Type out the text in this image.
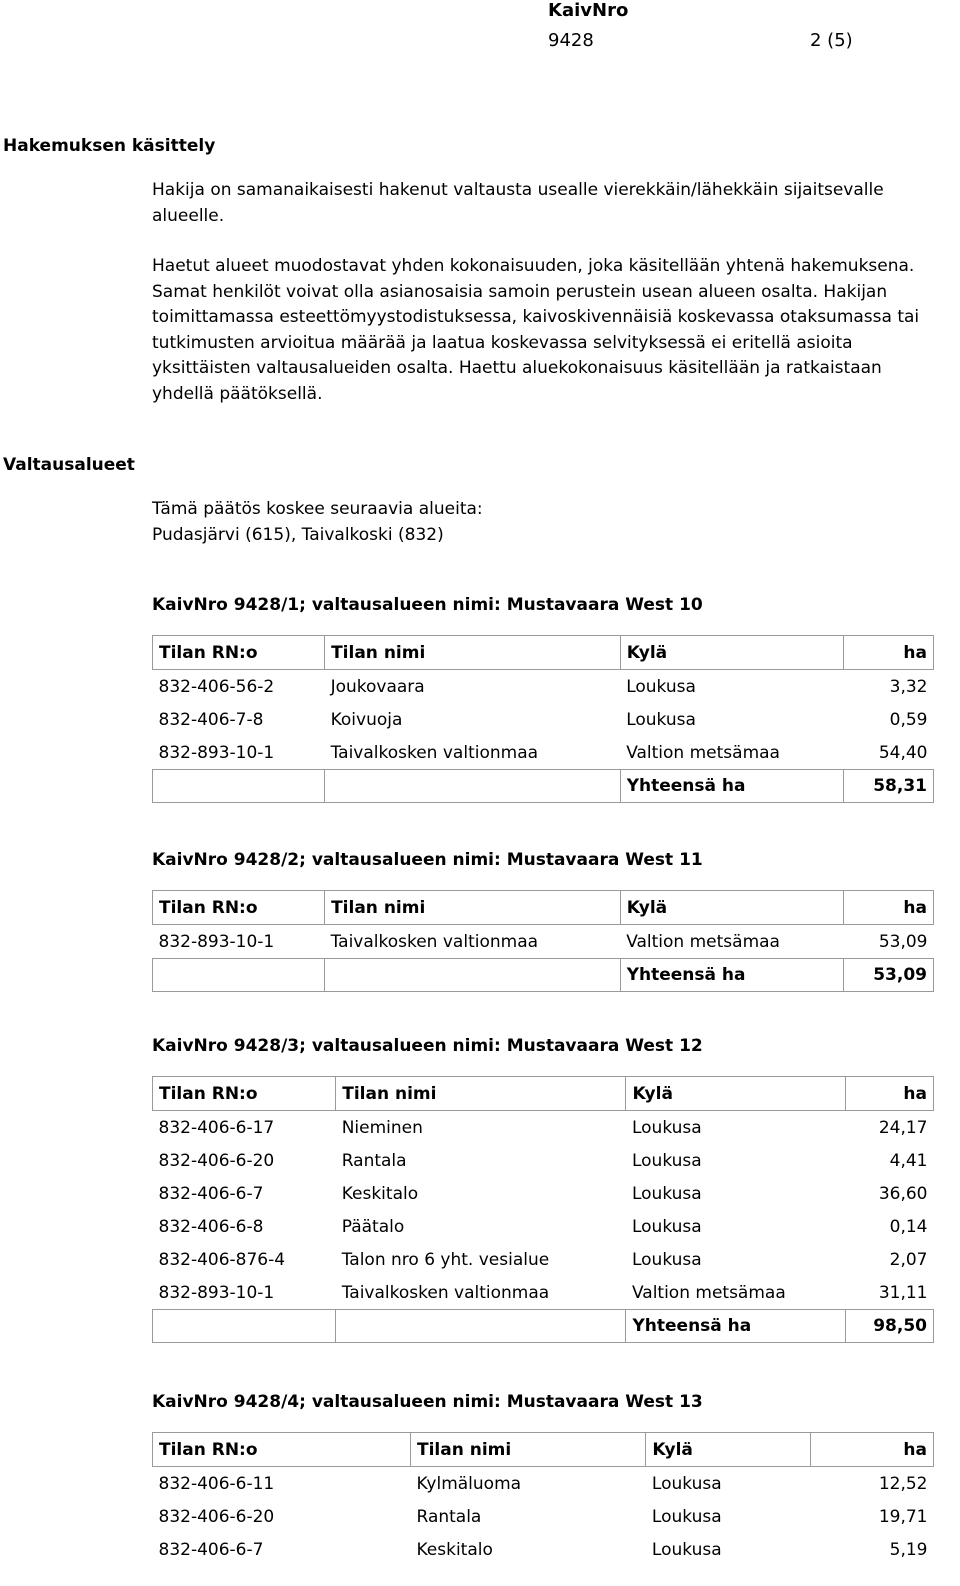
KaivNro
9428	2 (5)
Hakemuksen käsittely
Hakija on samanaikaisesti hakenut valtausta usealle vierekkäin/lähekkäin sijaitsevalle
alueelle.
Haetut alueet muodostavat yhden kokonaisuuden, joka käsitellään yhtenä hakemuksena.
Samat henkilöt voivat olla asianosaisia samoin perustein usean alueen osalta. Hakijan
toimittamassa esteettömyystodistuksessa, kaivoskivennäisiä koskevassa otaksumassa tai
tutkimusten arvioitua määrää ja laatua koskevassa selvityksessä ei eritellä asioita
yksittäisten valtausalueiden osalta. Haettu aluekokonaisuus käsitellään ja ratkaistaan
yhdellä päätöksellä.
Valtausalueet
Tämä päätös koskee seuraavia alueita:
Pudasjärvi (615), Taivalkoski (832)
KaivNro 9428/1; valtausalueen nimi: Mustavaara West 10
Tilan RN:o	Tilan nimi	Kylä	ha
832-406-56-2	Joukovaara	Loukusa	3,32
832-406-7-8	Koivuoja	Loukusa	0,59
832-893-10-1	Taivalkosken valtionmaa	Valtion metsämaa	54,40
		Yhteensä ha	58,31
KaivNro 9428/2; valtausalueen nimi: Mustavaara West 11
Tilan RN:o	Tilan nimi	Kylä	ha
832-893-10-1	Taivalkosken valtionmaa	Valtion metsämaa	53,09
		Yhteensä ha	53,09
KaivNro 9428/3; valtausalueen nimi: Mustavaara West 12
Tilan RN:o	Tilan nimi	Kylä	ha
832-406-6-17	Nieminen	Loukusa	24,17
832-406-6-20	Rantala	Loukusa	4,41
832-406-6-7	Keskitalo	Loukusa	36,60
832-406-6-8	Päätalo	Loukusa	0,14
832-406-876-4	Talon nro 6 yht. vesialue	Loukusa	2,07
832-893-10-1	Taivalkosken valtionmaa	Valtion metsämaa	31,11
		Yhteensä ha	98,50
KaivNro 9428/4; valtausalueen nimi: Mustavaara West 13
Tilan RN:o	Tilan nimi	Kylä	ha
832-406-6-11	Kylmäluoma	Loukusa	12,52
832-406-6-20	Rantala	Loukusa	19,71
832-406-6-7	Keskitalo	Loukusa	5,19
